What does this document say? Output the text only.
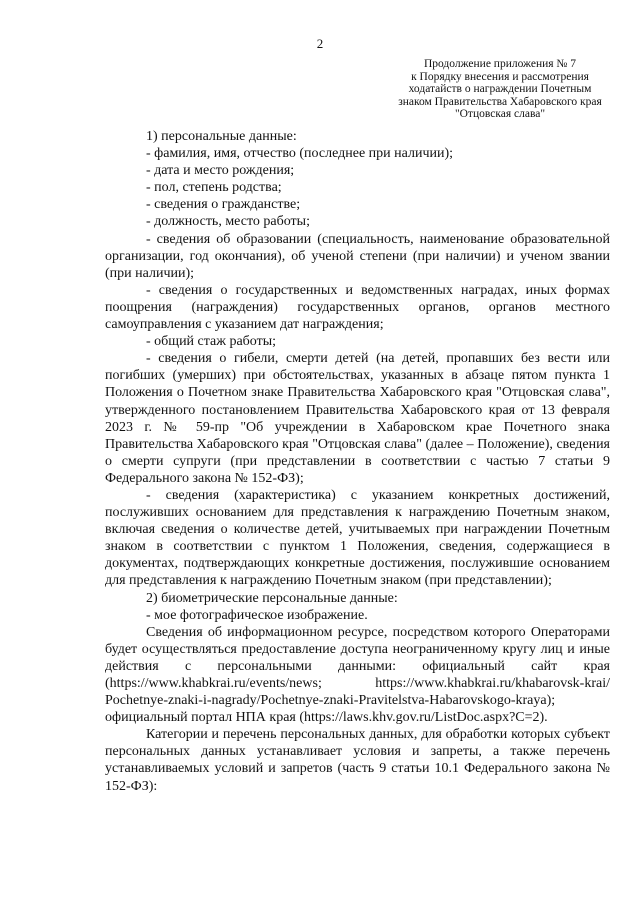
2
Продолжение приложения № 7
к Порядку внесения и рассмотрения
ходатайств о награждении Почетным
знаком Правительства Хабаровского края
"Отцовская слава"

1) персональные данные:

- фамилия, имя, отчество (последнее при наличии);

- дата и место рождения;

- пол, степень родства;

- сведения о гражданстве;

- должность, место работы;

- сведения об образовании (специальность, наименование образовательной организации, год окончания), об ученой степени (при наличии) и ученом звании (при наличии);

- сведения о государственных и ведомственных наградах, иных формах поощрения (награждения) государственных органов, органов местного самоуправления с указанием дат награждения;

- общий стаж работы;

- сведения о гибели, смерти детей (на детей, пропавших без вести или погибших (умерших) при обстоятельствах, указанных в абзаце пятом пункта 1 Положения о Почетном знаке Правительства Хабаровского края "Отцовская слава", утвержденного постановлением Правительства Хабаровского края от 13 февраля 2023 г. № 59-пр "Об учреждении в Хабаровском крае Почетного знака Правительства Хабаровского края "Отцовская слава" (далее – Положение), сведения о смерти супруги (при представлении в соответствии с частью 7 статьи 9 Федерального закона № 152-ФЗ);

- сведения (характеристика) с указанием конкретных достижений, послуживших основанием для представления к награждению Почетным знаком, включая сведения о количестве детей, учитываемых при награждении Почетным знаком в соответствии с пунктом 1 Положения, сведения, содержащиеся в документах, подтверждающих конкретные достижения, послужившие основанием для представления к награждению Почетным знаком (при представлении);

2) биометрические персональные данные:

- мое фотографическое изображение.

Сведения об информационном ресурсе, посредством которого Операторами будет осуществляться предоставление доступа неограниченному кругу лиц и иные действия с персональными данными: официальный сайт края (https://www.khabkrai.ru/events/news; https://www.khabkrai.ru/khabarovsk-krai/ Pochetnye-znaki-i-nagrady/Pochetnye-znaki-Pravitelstva-Habarovskogo-kraya); официальный портал НПА края (https://laws.khv.gov.ru/ListDoc.aspx?C=2).

Категории и перечень персональных данных, для обработки которых субъект персональных данных устанавливает условия и запреты, а также перечень устанавливаемых условий и запретов (часть 9 статьи 10.1 Федерального закона № 152-ФЗ):
